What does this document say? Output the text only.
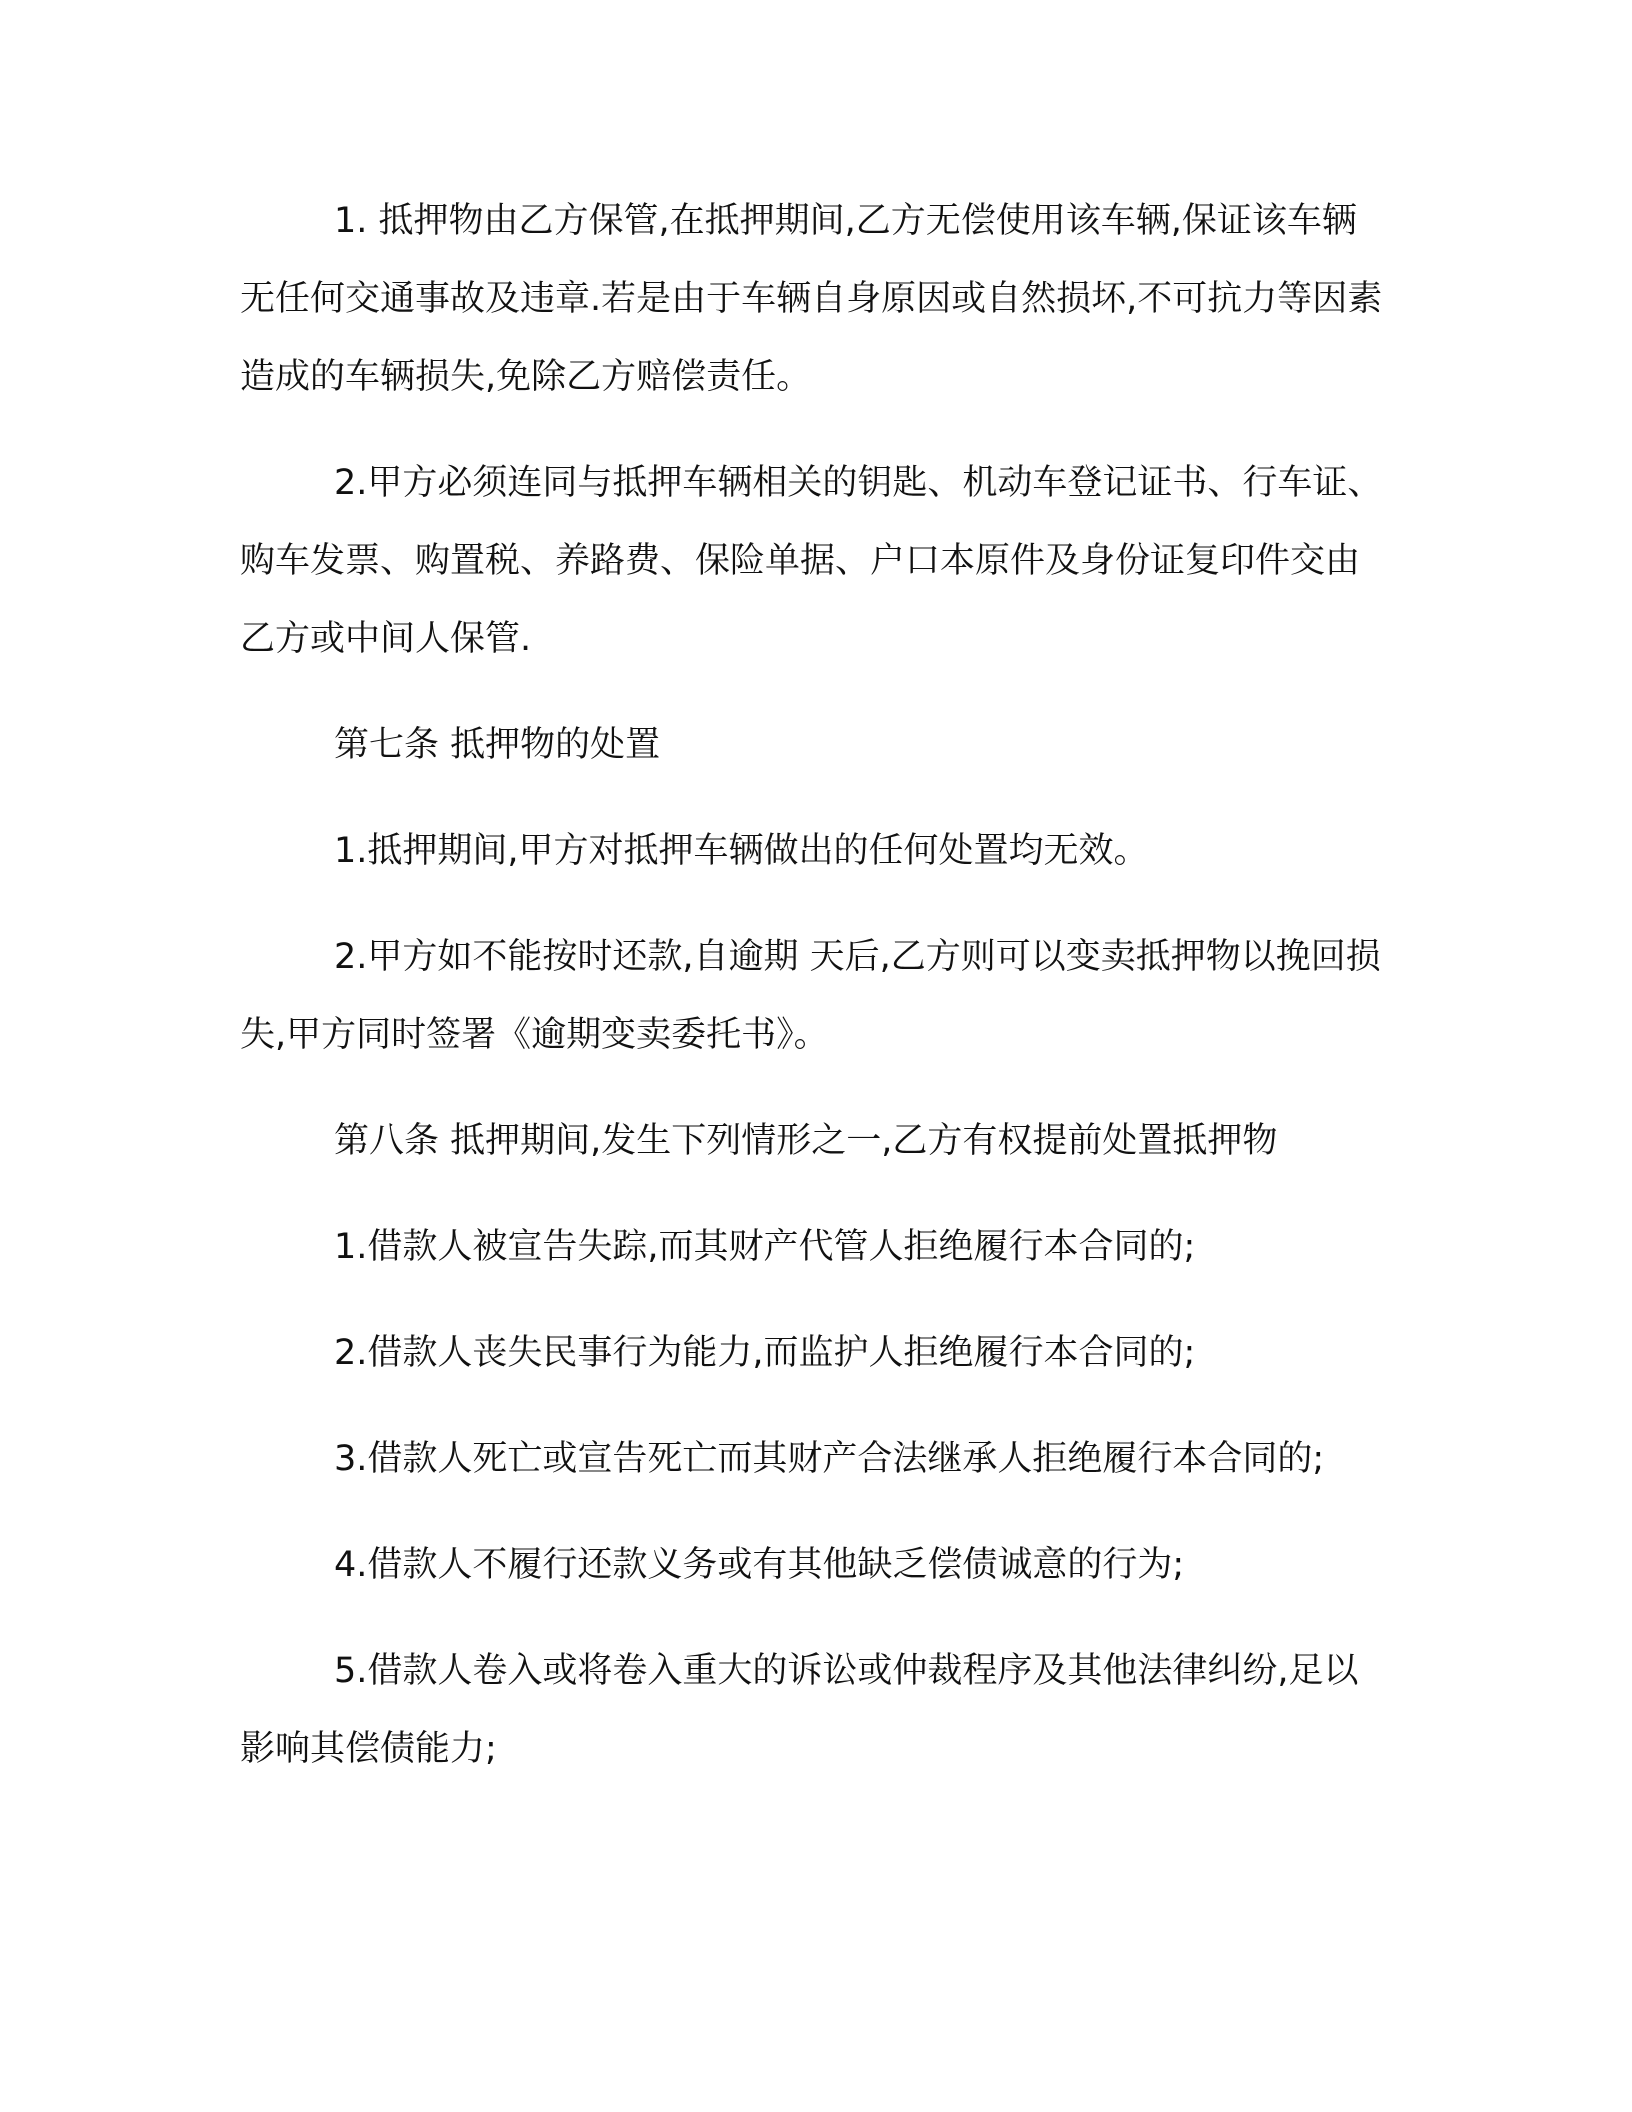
1. 抵押物由乙方保管,在抵押期间,乙方无偿使用该车辆,保证该车辆无任何交通事故及违章.若是由于车辆自身原因或自然损坏,不可抗力等因素造成的车辆损失,免除乙方赔偿责任。

2.甲方必须连同与抵押车辆相关的钥匙、机动车登记证书、行车证、购车发票、购置税、养路费、保险单据、户口本原件及身份证复印件交由乙方或中间人保管.

第七条 抵押物的处置

1.抵押期间,甲方对抵押车辆做出的任何处置均无效。

2.甲方如不能按时还款,自逾期 天后,乙方则可以变卖抵押物以挽回损失,甲方同时签署《逾期变卖委托书》。

第八条 抵押期间,发生下列情形之一,乙方有权提前处置抵押物

1.借款人被宣告失踪,而其财产代管人拒绝履行本合同的;

2.借款人丧失民事行为能力,而监护人拒绝履行本合同的;

3.借款人死亡或宣告死亡而其财产合法继承人拒绝履行本合同的;

4.借款人不履行还款义务或有其他缺乏偿债诚意的行为;

5.借款人卷入或将卷入重大的诉讼或仲裁程序及其他法律纠纷,足以影响其偿债能力;
